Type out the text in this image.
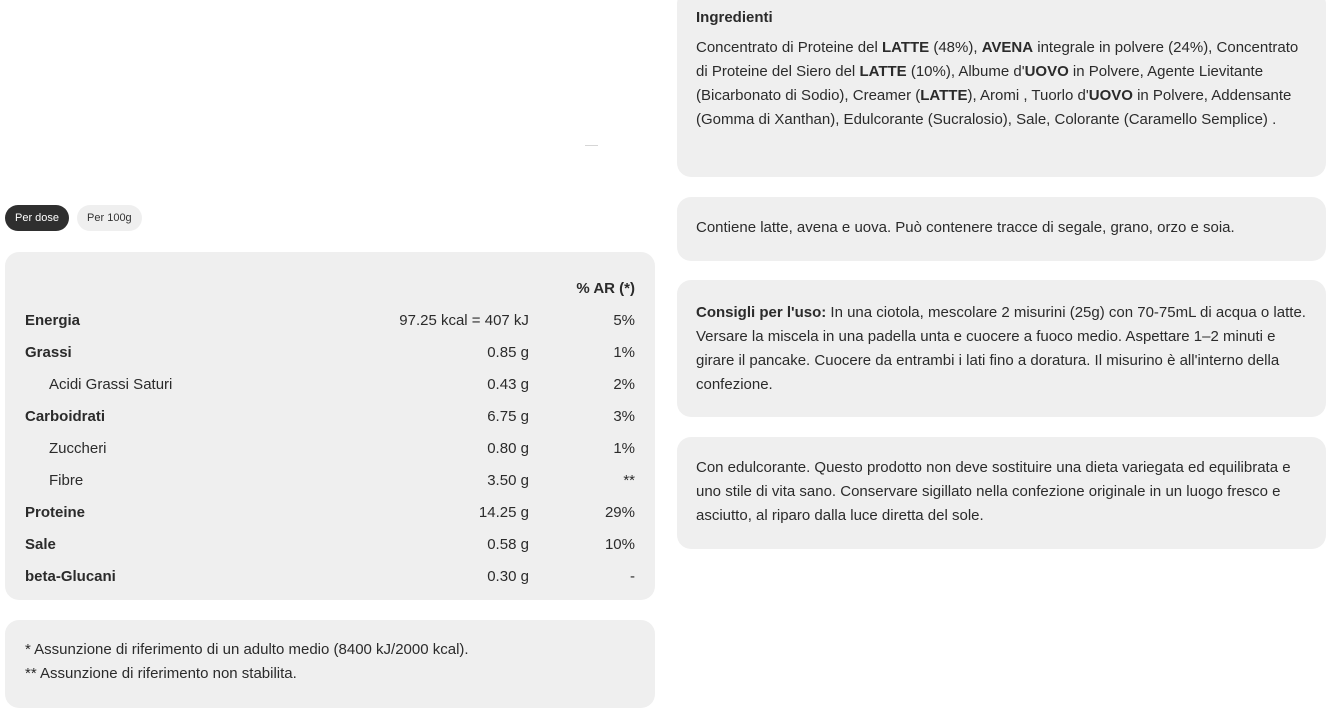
Per dose	Per 100g
		% AR (*)
Energia	97.25 kcal = 407 kJ	5%
Grassi	0.85 g	1%
Acidi Grassi Saturi	0.43 g	2%
Carboidrati	6.75 g	3%
Zuccheri	0.80 g	1%
Fibre	3.50 g	**
Proteine	14.25 g	29%
Sale	0.58 g	10%
beta-Glucani	0.30 g	-
* Assunzione di riferimento di un adulto medio (8400 kJ/2000 kcal).
** Assunzione di riferimento non stabilita.
Ingredienti
Concentrato di Proteine del LATTE (48%), AVENA integrale in polvere (24%), Concentrato di Proteine del Siero del LATTE (10%), Albume d'UOVO in Polvere, Agente Lievitante (Bicarbonato di Sodio), Creamer (LATTE), Aromi , Tuorlo d'UOVO in Polvere, Addensante (Gomma di Xanthan), Edulcorante (Sucralosio), Sale, Colorante (Caramello Semplice) .
Contiene latte, avena e uova. Può contenere tracce di segale, grano, orzo e soia.
Consigli per l'uso: In una ciotola, mescolare 2 misurini (25g) con 70-75mL di acqua o latte. Versare la miscela in una padella unta e cuocere a fuoco medio. Aspettare 1–2 minuti e girare il pancake. Cuocere da entrambi i lati fino a doratura. Il misurino è all'interno della confezione.
Con edulcorante. Questo prodotto non deve sostituire una dieta variegata ed equilibrata e uno stile di vita sano. Conservare sigillato nella confezione originale in un luogo fresco e asciutto, al riparo dalla luce diretta del sole.
